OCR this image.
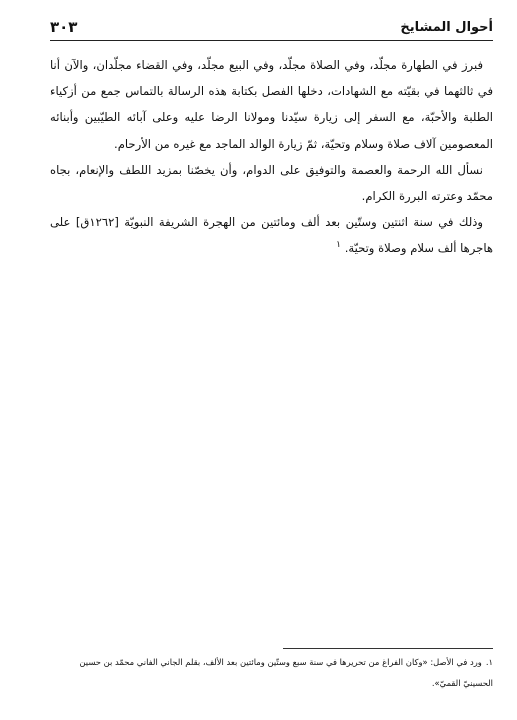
أحوال المشايخ
٣٠٣

فبرز في الطهارة مجلّد، وفي الصلاة مجلّد، وفي البيع مجلّد، وفي القضاء مجلّدان، والآن أنا في ثالثهما في بقيّته مع الشهادات، دخلها الفصل بكتابة هذه الرسالة بالتماس جمع من أزكياء الطلبة والأحبّة، مع السفر إلى زيارة سيّدنا ومولانا الرضا عليه وعلى آبائه الطيّبين وأبنائه المعصومين آلاف صلاة وسلام وتحيّة، ثمّ زيارة الوالد الماجد مع غيره من الأرحام.

نسأل الله الرحمة والعصمة والتوفيق على الدوام، وأن يخصّنا بمزيد اللطف والإنعام، بجاه محمّد وعترته البررة الكرام.

وذلك في سنة اثنتين وستّين بعد ألف ومائتين من الهجرة الشريفة النبويّة [١٢٦٢ق] على هاجرها ألف سلام وصلاة وتحيّة. $^١$

١.ورد في الأصل: «وكان الفراغ من تحريرها في سنة سبع وستّين ومائتين بعد الألف، بقلم الجاني الفاني محمّد بن حسين الحسينيّ القميّ».
